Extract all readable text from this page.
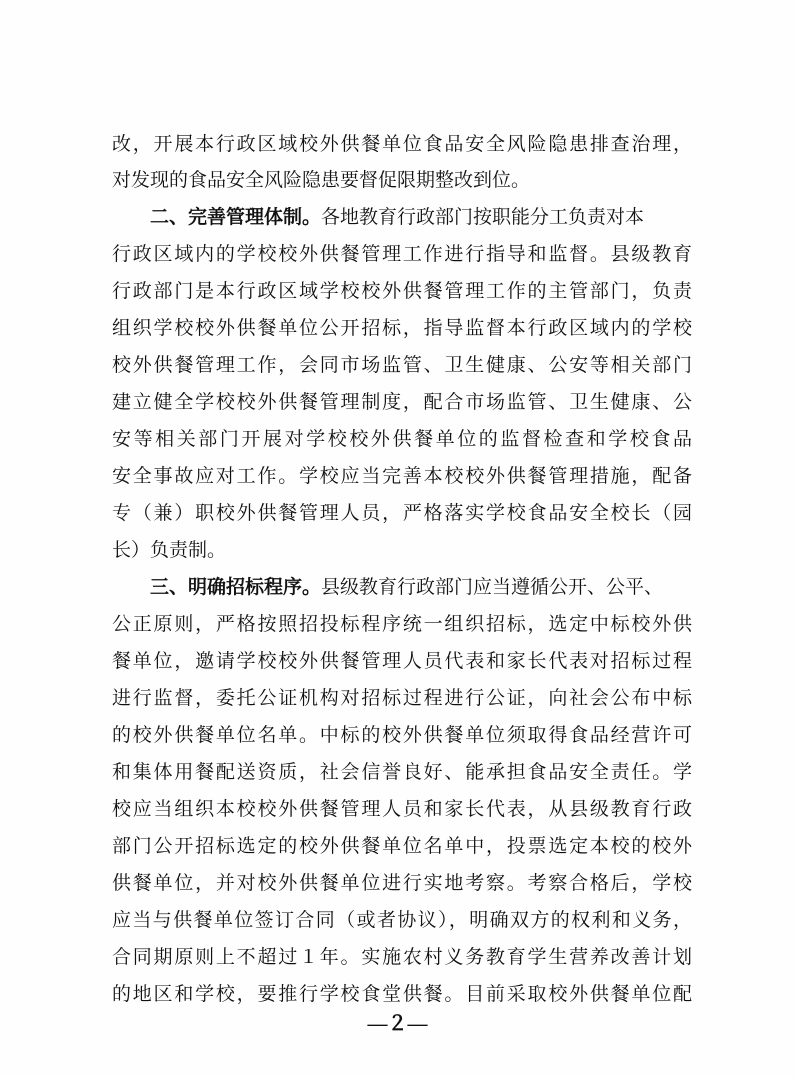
改，开展本行政区域校外供餐单位食品安全风险隐患排查治理，
对发现的食品安全风险隐患要督促限期整改到位。
二、完善管理体制。各地教育行政部门按职能分工负责对本
行政区域内的学校校外供餐管理工作进行指导和监督。县级教育
行政部门是本行政区域学校校外供餐管理工作的主管部门，负责
组织学校校外供餐单位公开招标，指导监督本行政区域内的学校
校外供餐管理工作，会同市场监管、卫生健康、公安等相关部门
建立健全学校校外供餐管理制度，配合市场监管、卫生健康、公
安等相关部门开展对学校校外供餐单位的监督检查和学校食品
安全事故应对工作。学校应当完善本校校外供餐管理措施，配备
专（兼）职校外供餐管理人员，严格落实学校食品安全校长（园
长）负责制。
三、明确招标程序。县级教育行政部门应当遵循公开、公平、
公正原则，严格按照招投标程序统一组织招标，选定中标校外供
餐单位，邀请学校校外供餐管理人员代表和家长代表对招标过程
进行监督，委托公证机构对招标过程进行公证，向社会公布中标
的校外供餐单位名单。中标的校外供餐单位须取得食品经营许可
和集体用餐配送资质，社会信誉良好、能承担食品安全责任。学
校应当组织本校校外供餐管理人员和家长代表，从县级教育行政
部门公开招标选定的校外供餐单位名单中，投票选定本校的校外
供餐单位，并对校外供餐单位进行实地考察。考察合格后，学校
应当与供餐单位签订合同（或者协议），明确双方的权利和义务，
合同期原则上不超过１年。实施农村义务教育学生营养改善计划
的地区和学校，要推行学校食堂供餐。目前采取校外供餐单位配
—２—
